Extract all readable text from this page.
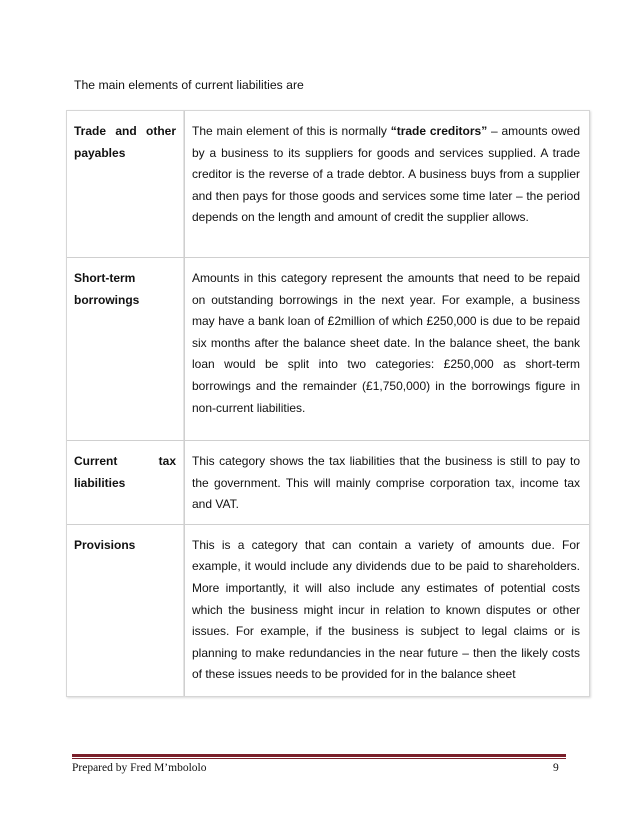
The main elements of current liabilities are
Trade and other payables	The main element of this is normally “trade creditors” – amounts owed by a business to its suppliers for goods and services supplied. A trade creditor is the reverse of a trade debtor. A business buys from a supplier and then pays for those goods and services some time later – the period depends on the length and amount of credit the supplier allows.
Short-term borrowings	Amounts in this category represent the amounts that need to be repaid on outstanding borrowings in the next year. For example, a business may have a bank loan of £2million of which £250,000 is due to be repaid six months after the balance sheet date. In the balance sheet, the bank loan would be split into two categories: £250,000 as short-term borrowings and the remainder (£1,750,000) in the borrowings figure in non-current liabilities.

Current tax liabilities	This category shows the tax liabilities that the business is still to pay to the government. This will mainly comprise corporation tax, income tax and VAT.
Provisions	This is a category that can contain a variety of amounts due. For example, it would include any dividends due to be paid to shareholders. More importantly, it will also include any estimates of potential costs which the business might incur in relation to known disputes or other issues. For example, if the business is subject to legal claims or is planning to make redundancies in the near future – then the likely costs of these issues needs to be provided for in the balance sheet
Prepared by Fred M’mbololo	9
